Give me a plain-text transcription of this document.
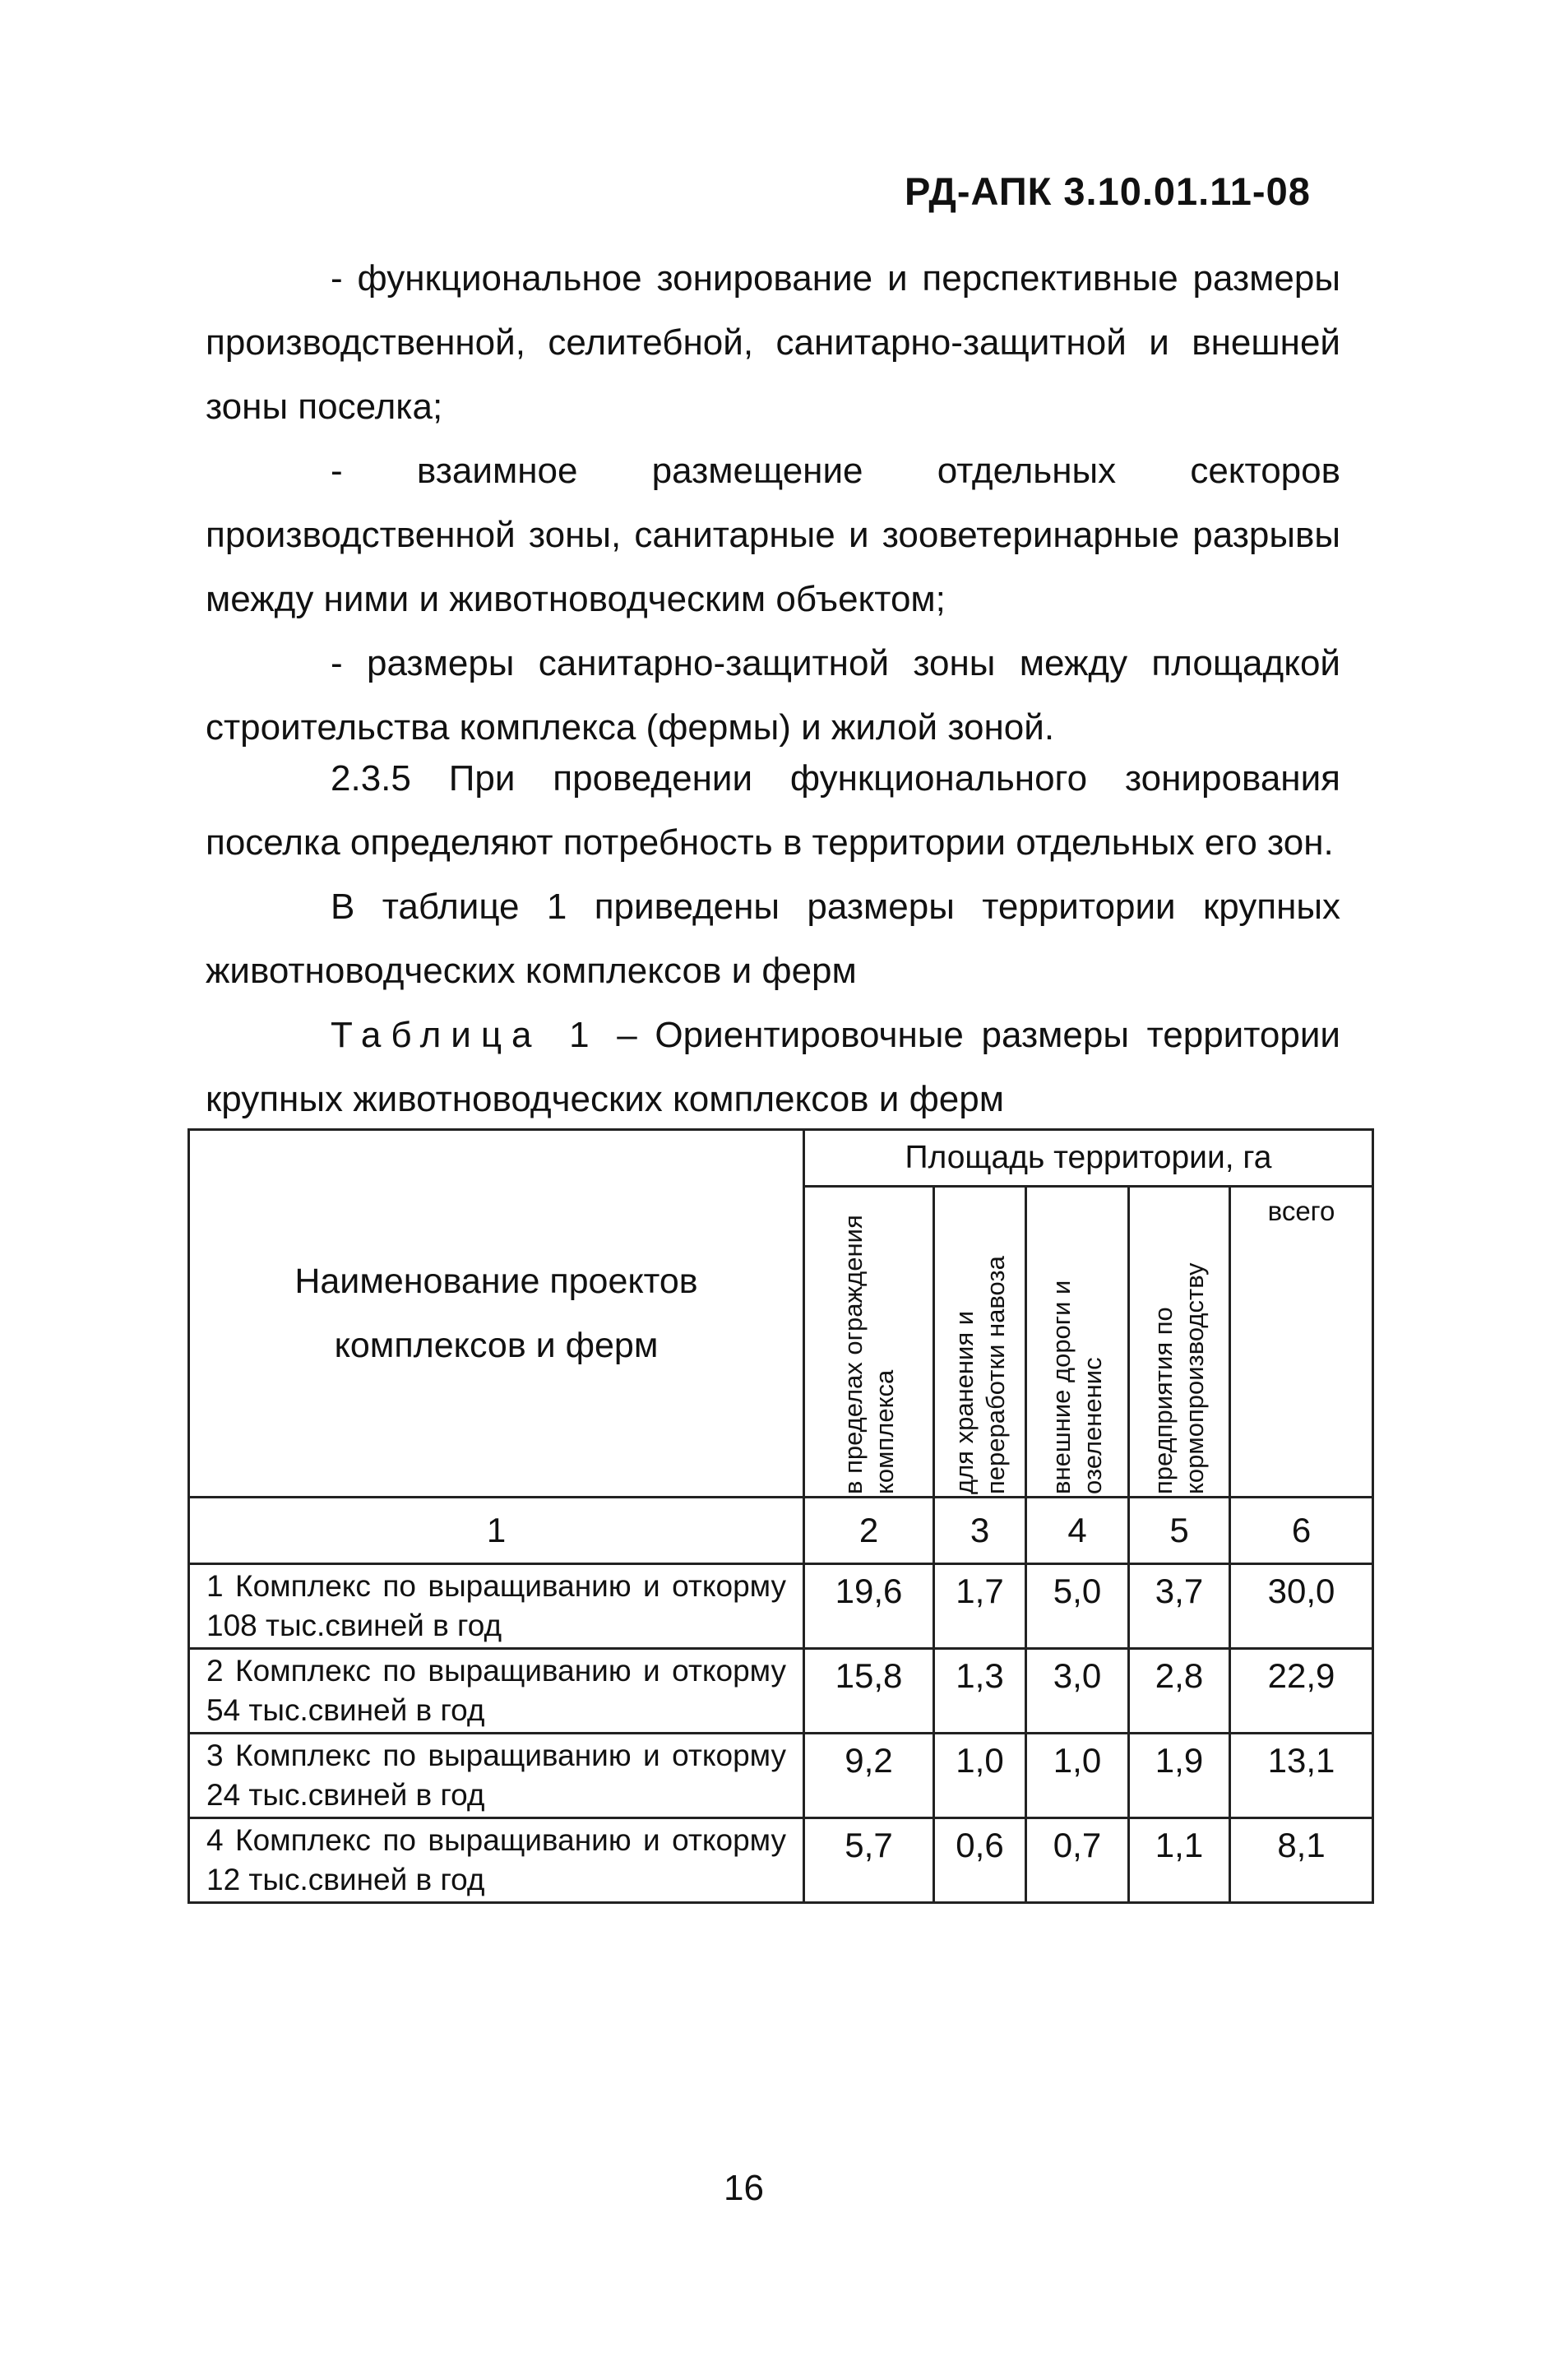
РД-АПК 3.10.01.11-08

- функциональное зонирование и перспективные размеры производственной, селитебной, санитарно-защитной и внешней зоны поселка;

- взаимное размещение отдельных секторов производственной зоны, санитарные и зооветеринарные разрывы между ними и животноводческим объектом;

- размеры санитарно-защитной зоны между площадкой строительства комплекса (фермы) и жилой зоной.

2.3.5 При проведении функционального зонирования поселка определяют потребность в территории отдельных его зон.

В таблице 1 приведены размеры территории крупных животноводческих комплексов и ферм

Таблица 1 – Ориентировочные размеры территории крупных животноводческих комплексов и ферм

Наименование проектов комплексов и ферм	Площадь территории, га				

	в пределах ограждения комплекса	для хранения и переработки навоза	внешние дороги и озелененис	предприятия по кормопроизводству	всего
1	2	3	4	5	6
1 Комплекс по выращиванию и откорму 108 тыс.свиней в год	19,6	1,7	5,0	3,7	30,0
2 Комплекс по выращиванию и откорму 54 тыс.свиней в год	15,8	1,3	3,0	2,8	22,9
3 Комплекс по выращиванию и откорму 24 тыс.свиней в год	9,2	1,0	1,0	1,9	13,1
4 Комплекс по выращиванию и откорму 12 тыс.свиней в год	5,7	0,6	0,7	1,1	8,1
16
